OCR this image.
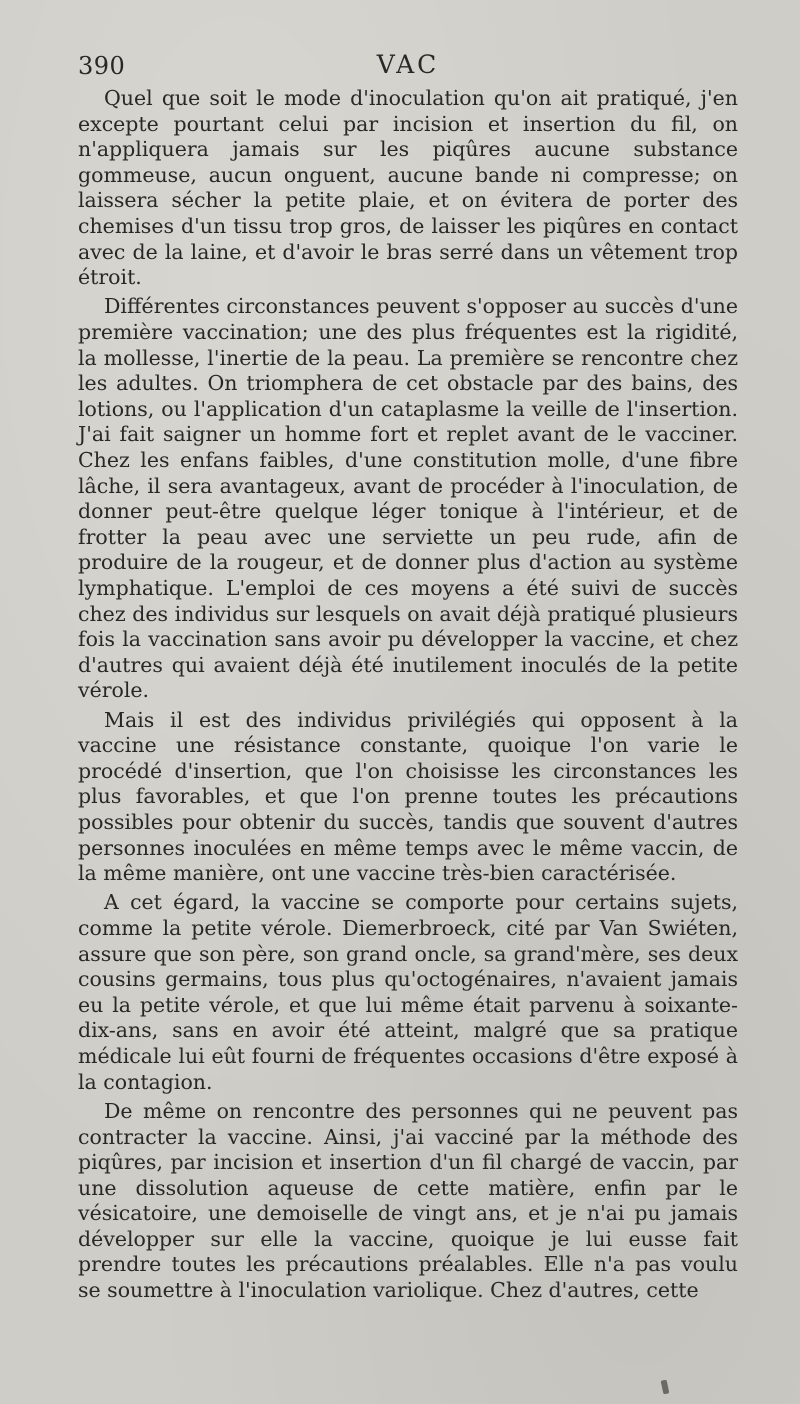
390	VAC

Quel que soit le mode d'inoculation qu'on ait pratiqué, j'en excepte pourtant celui par incision et insertion du fil, on n'appliquera jamais sur les piqûres aucune substance gommeuse, aucun onguent, aucune bande ni compresse; on laissera sécher la petite plaie, et on évitera de porter des chemises d'un tissu trop gros, de laisser les piqûres en contact avec de la laine, et d'avoir le bras serré dans un vêtement trop étroit.

Différentes circonstances peuvent s'opposer au succès d'une première vaccination; une des plus fréquentes est la rigidité, la mollesse, l'inertie de la peau. La première se rencontre chez les adultes. On triomphera de cet obstacle par des bains, des lotions, ou l'application d'un cataplasme la veille de l'insertion. J'ai fait saigner un homme fort et replet avant de le vacciner. Chez les enfans faibles, d'une constitution molle, d'une fibre lâche, il sera avantageux, avant de procéder à l'inoculation, de donner peut-être quelque léger tonique à l'intérieur, et de frotter la peau avec une serviette un peu rude, afin de produire de la rougeur, et de donner plus d'action au système lymphatique. L'emploi de ces moyens a été suivi de succès chez des individus sur lesquels on avait déjà pratiqué plusieurs fois la vaccination sans avoir pu développer la vaccine, et chez d'autres qui avaient déjà été inutilement inoculés de la petite vérole.

Mais il est des individus privilégiés qui opposent à la vaccine une résistance constante, quoique l'on varie le procédé d'insertion, que l'on choisisse les circonstances les plus favorables, et que l'on prenne toutes les précautions possibles pour obtenir du succès, tandis que souvent d'autres personnes inoculées en même temps avec le même vaccin, de la même manière, ont une vaccine très-bien caractérisée.

A cet égard, la vaccine se comporte pour certains sujets, comme la petite vérole. Diemerbroeck, cité par Van Swiéten, assure que son père, son grand oncle, sa grand'mère, ses deux cousins germains, tous plus qu'octogénaires, n'avaient jamais eu la petite vérole, et que lui même était parvenu à soixante-dix-ans, sans en avoir été atteint, malgré que sa pratique médicale lui eût fourni de fréquentes occasions d'être exposé à la contagion.

De même on rencontre des personnes qui ne peuvent pas contracter la vaccine. Ainsi, j'ai vacciné par la méthode des piqûres, par incision et insertion d'un fil chargé de vaccin, par une dissolution aqueuse de cette matière, enfin par le vésicatoire, une demoiselle de vingt ans, et je n'ai pu jamais développer sur elle la vaccine, quoique je lui eusse fait prendre toutes les précautions préalables. Elle n'a pas voulu se soumettre à l'inoculation variolique. Chez d'autres, cette
